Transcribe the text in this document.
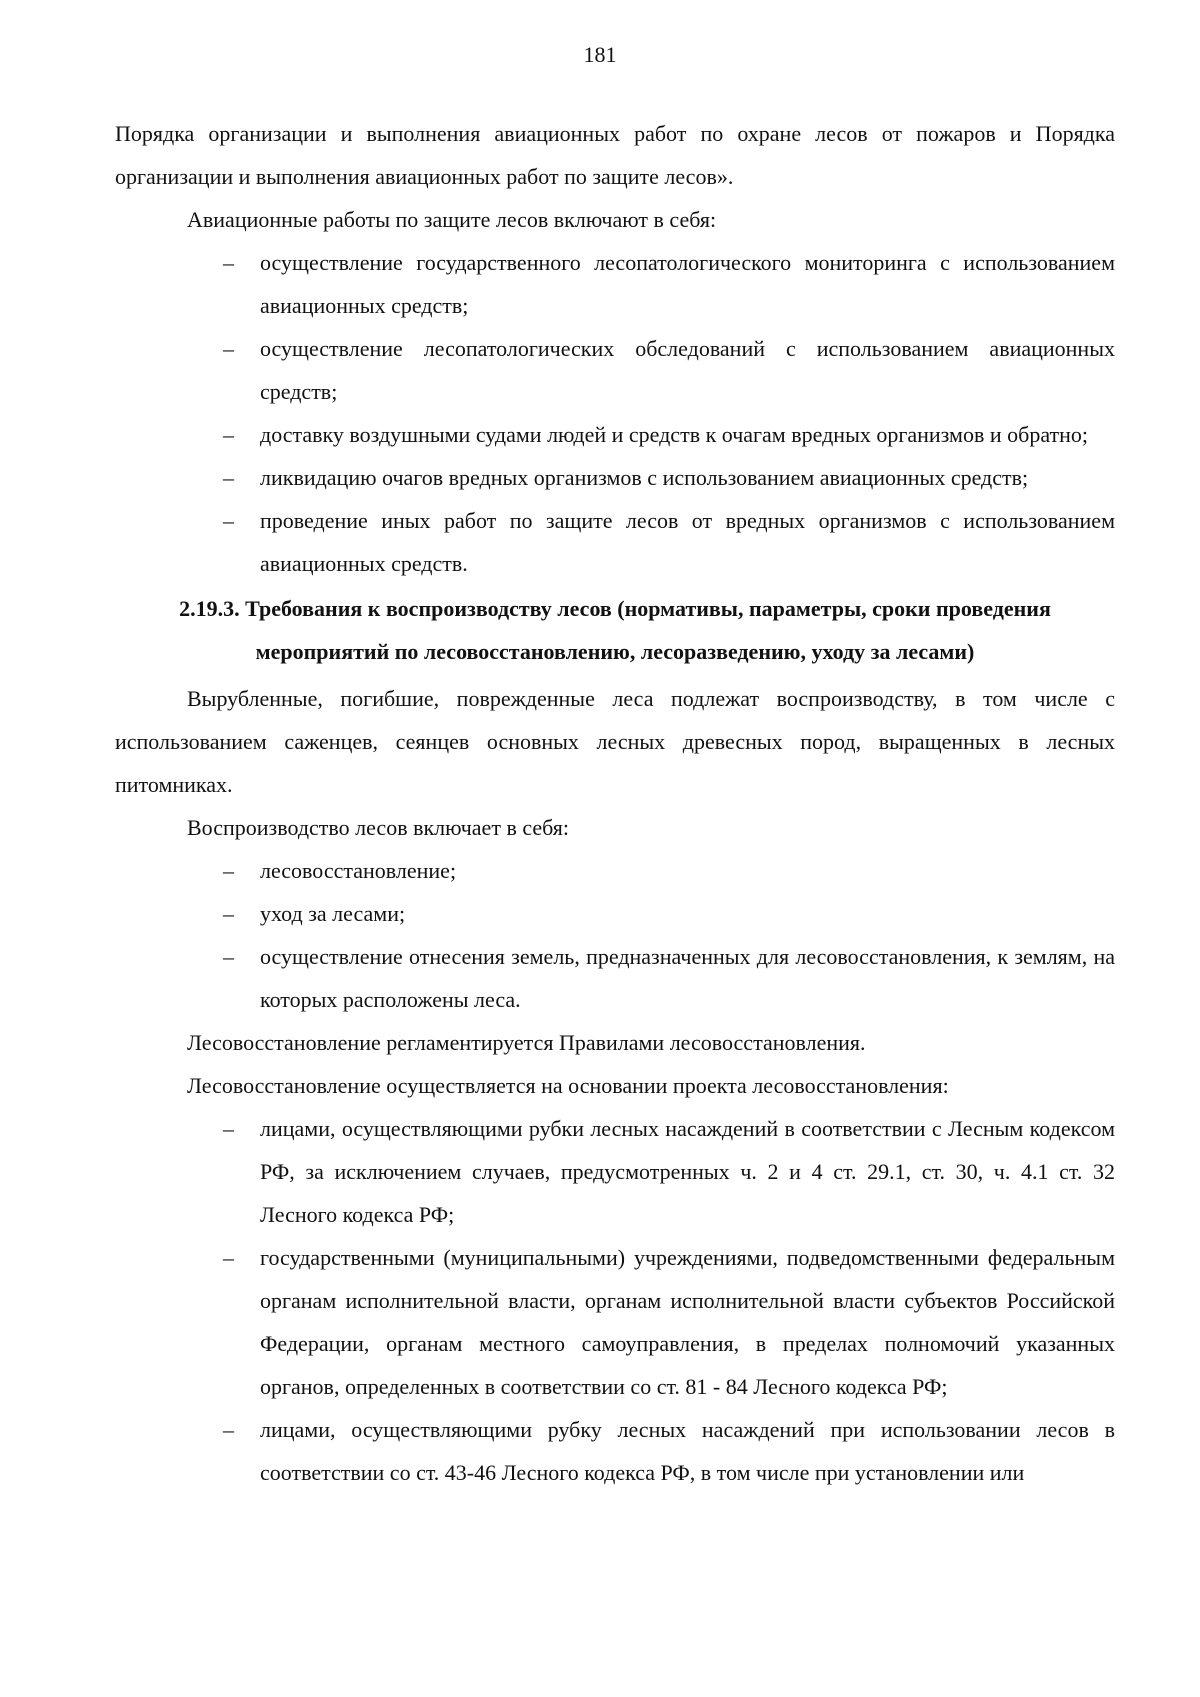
181

Порядка организации и выполнения авиационных работ по охране лесов от пожаров и Порядка организации и выполнения авиационных работ по защите лесов».

Авиационные работы по защите лесов включают в себя:

– осуществление государственного лесопатологического мониторинга с использованием авиационных средств;
– осуществление лесопатологических обследований с использованием авиационных средств;
– доставку воздушными судами людей и средств к очагам вредных организмов и обратно;
– ликвидацию очагов вредных организмов с использованием авиационных средств;
– проведение иных работ по защите лесов от вредных организмов с использованием авиационных средств.
2.19.3. Требования к воспроизводству лесов (нормативы, параметры, сроки проведения мероприятий по лесовосстановлению, лесоразведению, уходу за лесами)

Вырубленные, погибшие, поврежденные леса подлежат воспроизводству, в том числе с использованием саженцев, сеянцев основных лесных древесных пород, выращенных в лесных питомниках.

Воспроизводство лесов включает в себя:

– лесовосстановление;
– уход за лесами;
– осуществление отнесения земель, предназначенных для лесовосстановления, к землям, на которых расположены леса.

Лесовосстановление регламентируется Правилами лесовосстановления.

Лесовосстановление осуществляется на основании проекта лесовосстановления:

– лицами, осуществляющими рубки лесных насаждений в соответствии с Лесным кодексом РФ, за исключением случаев, предусмотренных ч. 2 и 4 ст. 29.1, ст. 30, ч. 4.1 ст. 32 Лесного кодекса РФ;
– государственными (муниципальными) учреждениями, подведомственными федеральным органам исполнительной власти, органам исполнительной власти субъектов Российской Федерации, органам местного самоуправления, в пределах полномочий указанных органов, определенных в соответствии со ст. 81 - 84 Лесного кодекса РФ;
– лицами, осуществляющими рубку лесных насаждений при использовании лесов в соответствии со ст. 43-46 Лесного кодекса РФ, в том числе при установлении или
